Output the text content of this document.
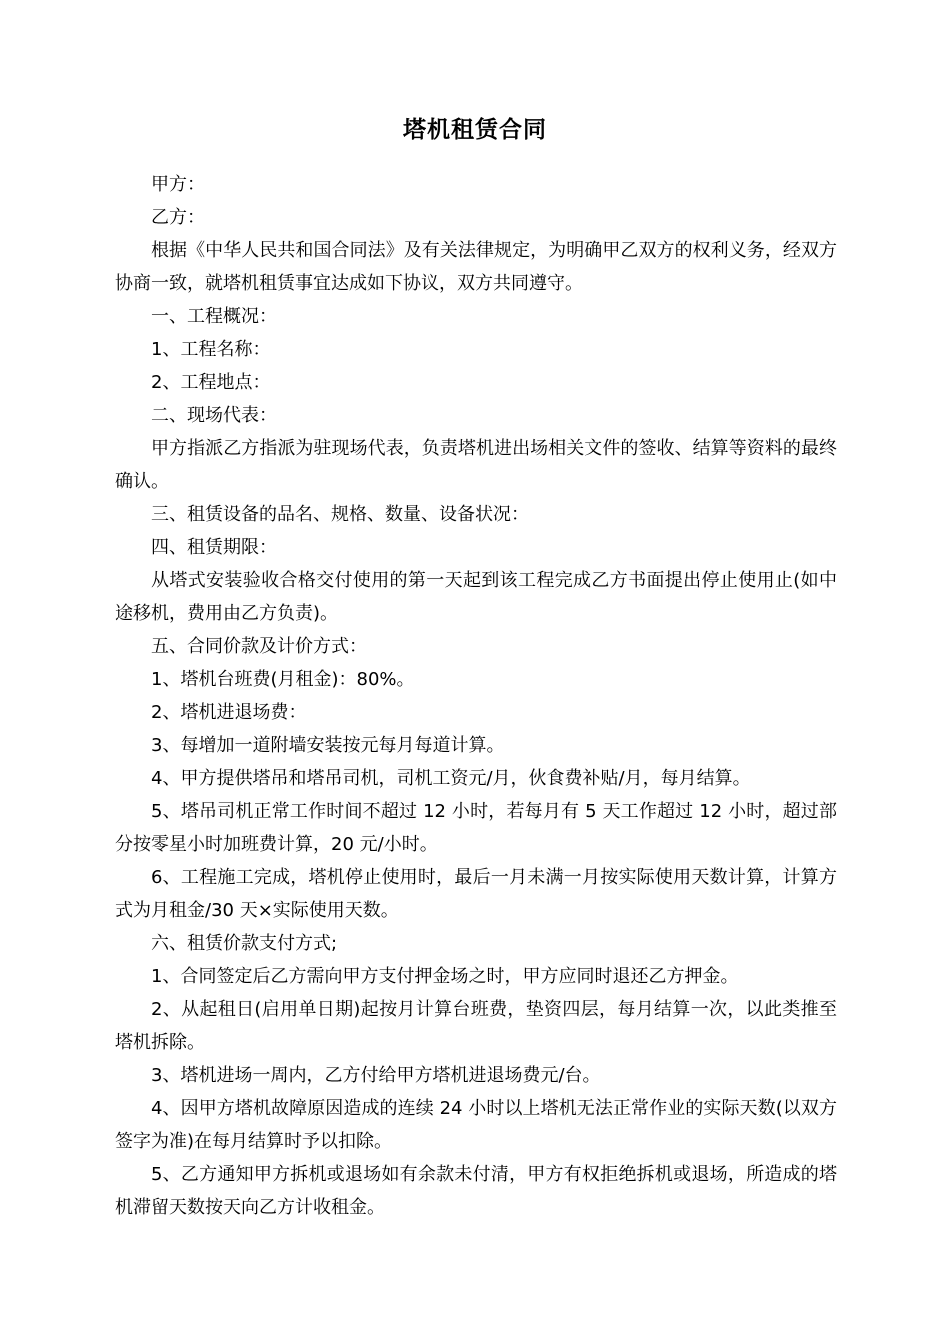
塔机租赁合同

甲方：

乙方：

根据《中华人民共和国合同法》及有关法律规定，为明确甲乙双方的权利义务，经双方协商一致，就塔机租赁事宜达成如下协议，双方共同遵守。

一、工程概况：

1、工程名称：

2、工程地点：

二、现场代表：

甲方指派乙方指派为驻现场代表，负责塔机进出场相关文件的签收、结算等资料的最终确认。

三、租赁设备的品名、规格、数量、设备状况：

四、租赁期限：

从塔式安装验收合格交付使用的第一天起到该工程完成乙方书面提出停止使用止(如中途移机，费用由乙方负责)。

五、合同价款及计价方式：

1、塔机台班费(月租金)：80%。

2、塔机进退场费：

3、每增加一道附墙安装按元每月每道计算。

4、甲方提供塔吊和塔吊司机，司机工资元/月，伙食费补贴/月，每月结算。

5、塔吊司机正常工作时间不超过 12 小时，若每月有 5 天工作超过 12 小时，超过部分按零星小时加班费计算，20 元/小时。

6、工程施工完成，塔机停止使用时，最后一月未满一月按实际使用天数计算，计算方式为月租金/30 天×实际使用天数。

六、租赁价款支付方式;

1、合同签定后乙方需向甲方支付押金场之时，甲方应同时退还乙方押金。

2、从起租日(启用单日期)起按月计算台班费，垫资四层，每月结算一次，以此类推至塔机拆除。

3、塔机进场一周内，乙方付给甲方塔机进退场费元/台。

4、因甲方塔机故障原因造成的连续 24 小时以上塔机无法正常作业的实际天数(以双方签字为准)在每月结算时予以扣除。

5、乙方通知甲方拆机或退场如有余款未付清，甲方有权拒绝拆机或退场，所造成的塔机滞留天数按天向乙方计收租金。
